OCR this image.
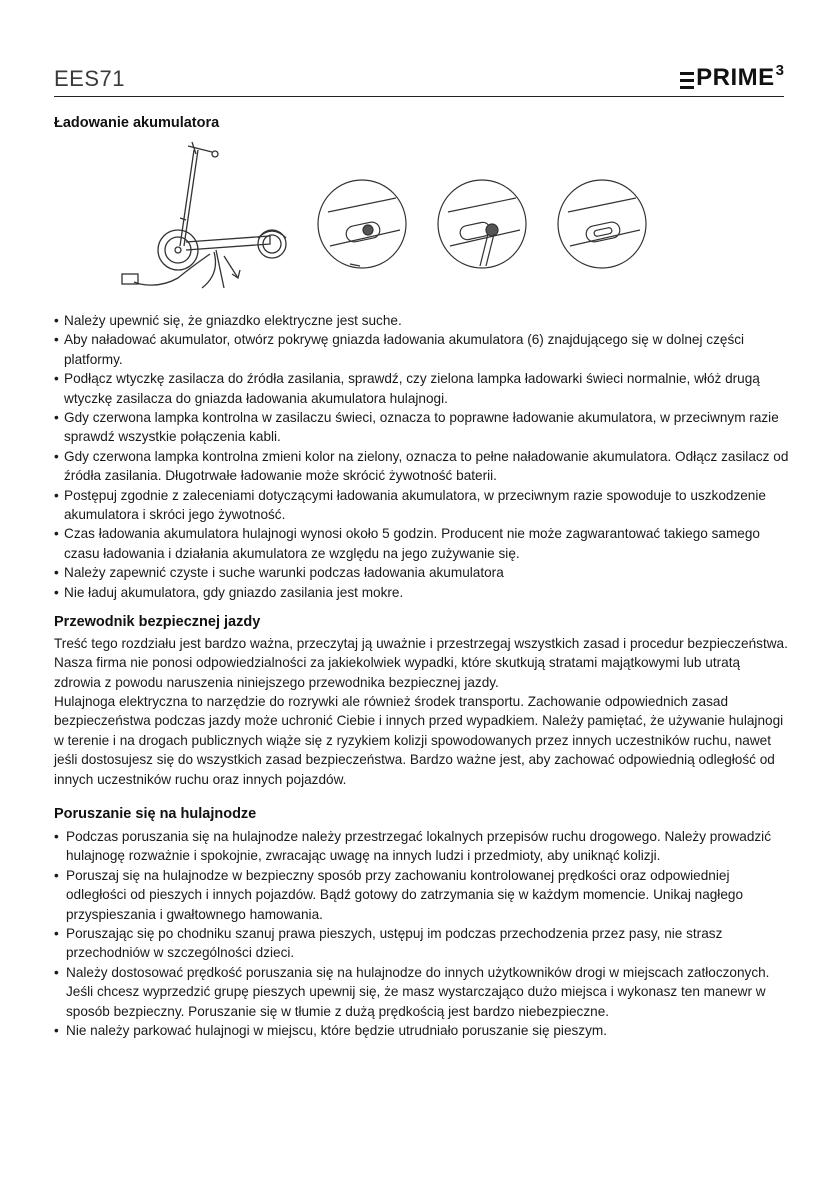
EES71	PRIME 3
Ładowanie akumulatora
• Należy upewnić się, że gniazdko elektryczne jest suche.
• Aby naładować akumulator, otwórz pokrywę gniazda ładowania akumulatora (6) znajdującego się w dolnej części platformy.
• Podłącz wtyczkę zasilacza do źródła zasilania, sprawdź, czy zielona lampka ładowarki świeci normalnie, włóż drugą wtyczkę zasilacza do gniazda ładowania akumulatora hulajnogi.
• Gdy czerwona lampka kontrolna w zasilaczu świeci, oznacza to poprawne ładowanie akumulatora, w przeciwnym razie sprawdź wszystkie połączenia kabli.
• Gdy czerwona lampka kontrolna zmieni kolor na zielony, oznacza to pełne naładowanie akumulatora. Odłącz zasilacz od źródła zasilania. Długotrwałe ładowanie może skrócić żywotność baterii.
• Postępuj zgodnie z zaleceniami dotyczącymi ładowania akumulatora, w przeciwnym razie spowoduje to uszkodzenie akumulatora i skróci jego żywotność.
• Czas ładowania akumulatora hulajnogi wynosi około 5 godzin. Producent nie może zagwarantować takiego samego czasu ładowania i działania akumulatora ze względu na jego zużywanie się.
• Należy zapewnić czyste i suche warunki podczas ładowania akumulatora
• Nie ładuj akumulatora, gdy gniazdo zasilania jest mokre.
Przewodnik bezpiecznej jazdy

Treść tego rozdziału jest bardzo ważna, przeczytaj ją uważnie i przestrzegaj wszystkich zasad i procedur bezpieczeństwa. Nasza firma nie ponosi odpowiedzialności za jakiekolwiek wypadki, które skutkują stratami majątkowymi lub utratą zdrowia z powodu naruszenia niniejszego przewodnika bezpiecznej jazdy.

Hulajnoga elektryczna to narzędzie do rozrywki ale również środek transportu. Zachowanie odpowiednich zasad bezpieczeństwa podczas jazdy może uchronić Ciebie i innych przed wypadkiem. Należy pamiętać, że używanie hulajnogi w terenie i na drogach publicznych wiąże się z ryzykiem kolizji spowodowanych przez innych uczestników ruchu, nawet jeśli dostosujesz się do wszystkich zasad bezpieczeństwa. Bardzo ważne jest, aby zachować odpowiednią odległość od innych uczestników ruchu oraz innych pojazdów.

Poruszanie się na hulajnodze
• Podczas poruszania się na hulajnodze należy przestrzegać lokalnych przepisów ruchu drogowego. Należy prowadzić hulajnogę rozważnie i spokojnie, zwracając uwagę na innych ludzi i przedmioty, aby uniknąć kolizji.
• Poruszaj się na hulajnodze w bezpieczny sposób przy zachowaniu kontrolowanej prędkości oraz odpowiedniej odległości od pieszych i innych pojazdów. Bądź gotowy do zatrzymania się w każdym momencie. Unikaj nagłego przyspieszania i gwałtownego hamowania.
• Poruszając się po chodniku szanuj prawa pieszych, ustępuj im podczas przechodzenia przez pasy, nie strasz przechodniów w szczególności dzieci.
• Należy dostosować prędkość poruszania się na hulajnodze do innych użytkowników drogi w miejscach zatłoczonych. Jeśli chcesz wyprzedzić grupę pieszych upewnij się, że masz wystarczająco dużo miejsca i wykonasz ten manewr w sposób bezpieczny. Poruszanie się w tłumie z dużą prędkością jest bardzo niebezpieczne.
• Nie należy parkować hulajnogi w miejscu, które będzie utrudniało poruszanie się pieszym.
